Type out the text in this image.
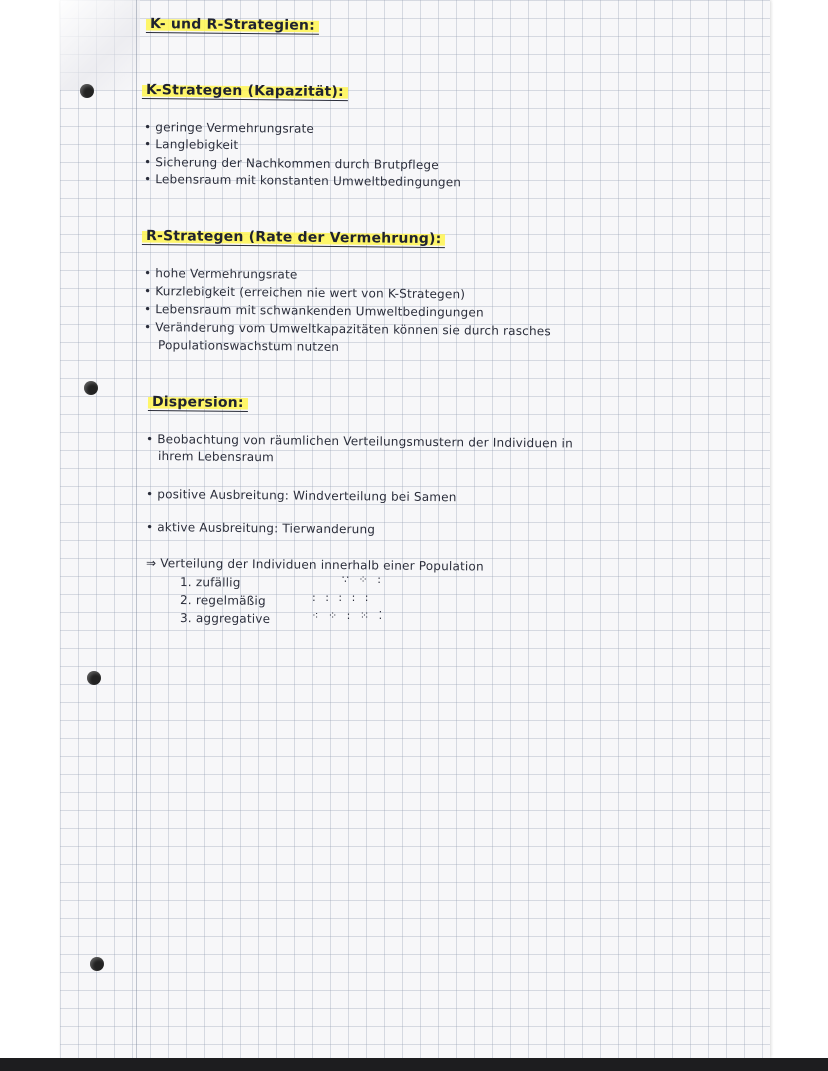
K- und R-Strategien:
K-Strategen (Kapazität):
• geringe Vermehrungsrate
• Langlebigkeit
• Sicherung der Nachkommen durch Brutpflege
• Lebensraum mit konstanten Umweltbedingungen
R-Strategen (Rate der Vermehrung):
• hohe Vermehrungsrate
• Kurzlebigkeit (erreichen nie wert von K-Strategen)
• Lebensraum mit schwankenden Umweltbedingungen
• Veränderung vom Umweltkapazitäten können sie durch rasches
Populationswachstum nutzen
Dispersion:
• Beobachtung von räumlichen Verteilungsmustern der Individuen in
ihrem Lebensraum
• positive Ausbreitung: Windverteilung bei Samen
• aktive Ausbreitung: Tierwanderung
⇒ Verteilung der Individuen innerhalb einer Population
1. zufällig
2. regelmäßig
3. aggregative
∵ ⁘ :
: : : : :
⁖ ⁘ : ⁙ ⁚
